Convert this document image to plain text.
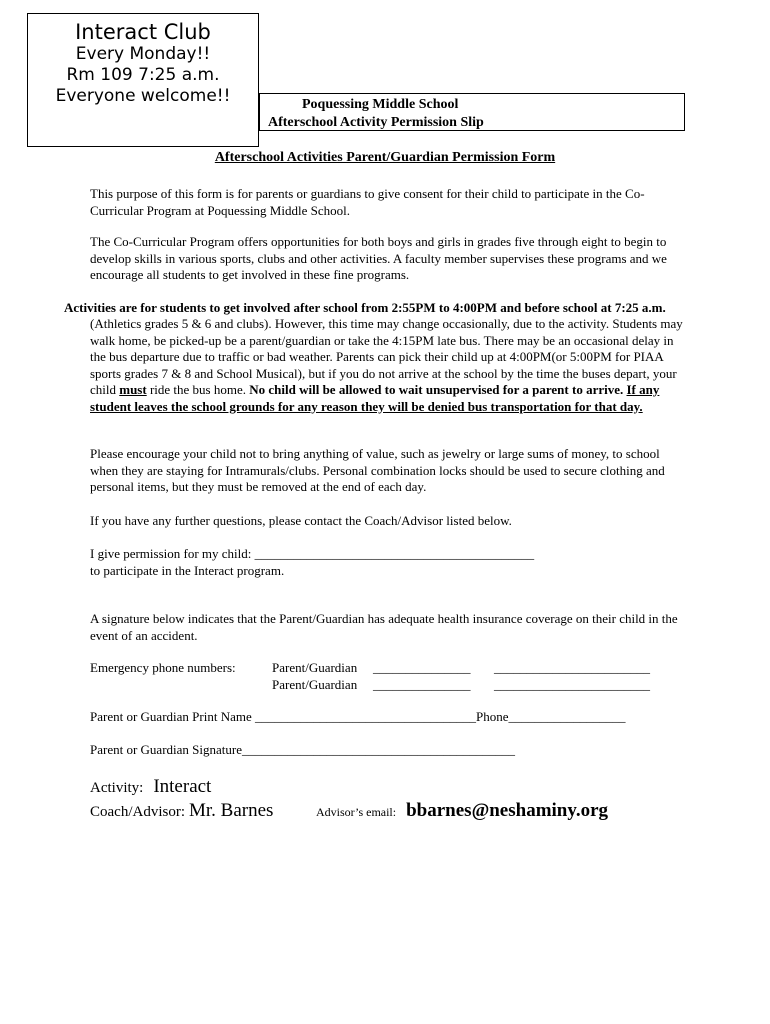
Interact Club
Every Monday!!
Rm 109 7:25 a.m.
Everyone welcome!!	Poquessing Middle School
Afterschool Activity Permission Slip
Afterschool Activities Parent/Guardian Permission Form

This purpose of this form is for parents or guardians to give consent for their child to participate in the Co-Curricular Program at Poquessing Middle School.

The Co-Curricular Program offers opportunities for both boys and girls in grades five through eight to begin to develop skills in various sports, clubs and other activities. A faculty member supervises these programs and we encourage all students to get involved in these fine programs.

Activities are for students to get involved after school from 2:55PM to 4:00PM and before school at 7:25 a.m.

(Athletics grades 5 & 6 and clubs). However, this time may change occasionally, due to the activity. Students may walk home, be picked-up be a parent/guardian or take the 4:15PM late bus. There may be an occasional delay in the bus departure due to traffic or bad weather. Parents can pick their child up at 4:00PM(or 5:00PM for PIAA sports grades 7 & 8 and School Musical), but if you do not arrive at the school by the time the buses depart, your child must ride the bus home. No child will be allowed to wait unsupervised for a parent to arrive. If any student leaves the school grounds for any reason they will be denied bus transportation for that day.

Please encourage your child not to bring anything of value, such as jewelry or large sums of money, to school when they are staying for Intramurals/clubs. Personal combination locks should be used to secure clothing and personal items, but they must be removed at the end of each day.

If you have any further questions, please contact the Coach/Advisor listed below.

I give permission for my child: ___________________________________________
to participate in the Interact program.

A signature below indicates that the Parent/Guardian has adequate health insurance coverage on their child in the event of an accident.

Emergency phone numbers:	Parent/Guardian _______________ ________________________
Parent/Guardian _______________ ________________________
Parent or Guardian Print Name __________________________________Phone__________________
Parent or Guardian Signature__________________________________________
Activity: Interact
Coach/Advisor: Mr. Barnes	Advisor’s email: bbarnes@neshaminy.org
